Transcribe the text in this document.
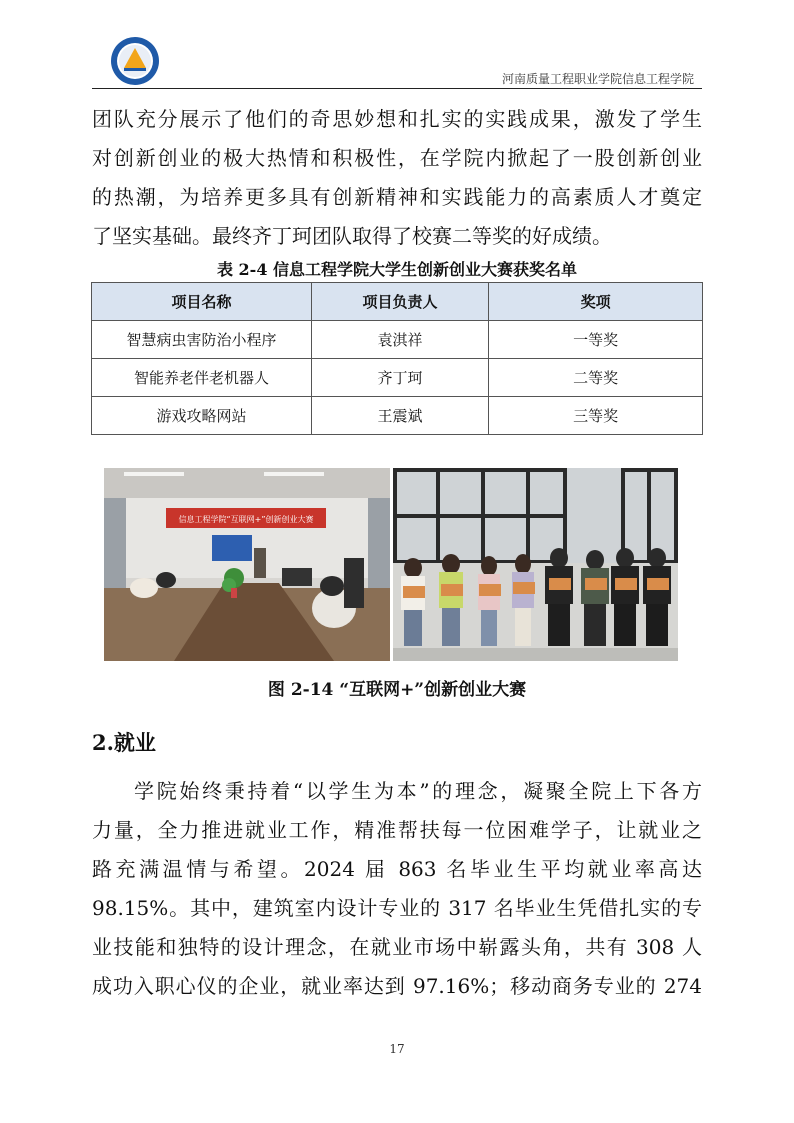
河南质量工程职业学院信息工程学院
团队充分展示了他们的奇思妙想和扎实的实践成果，激发了学生
对创新创业的极大热情和积极性，在学院内掀起了一股创新创业
的热潮，为培养更多具有创新精神和实践能力的高素质人才奠定
了坚实基础。最终齐丁珂团队取得了校赛二等奖的好成绩。
表 2-4 信息工程学院大学生创新创业大赛获奖名单
项目名称	项目负责人	奖项
智慧病虫害防治小程序	袁淇祥	一等奖
智能养老伴老机器人	齐丁珂	二等奖
游戏攻略网站	王震斌	三等奖
信息工程学院“互联网+”创新创业大赛
图 2-14 “互联网+”创新创业大赛
2.就业
学院始终秉持着“以学生为本”的理念，凝聚全院上下各方
力量，全力推进就业工作，精准帮扶每一位困难学子，让就业之
路充满温情与希望。2024 届 863 名毕业生平均就业率高达
98.15%。其中，建筑室内设计专业的 317 名毕业生凭借扎实的专
业技能和独特的设计理念，在就业市场中崭露头角，共有 308 人
成功入职心仪的企业，就业率达到 97.16%；移动商务专业的 274
17
